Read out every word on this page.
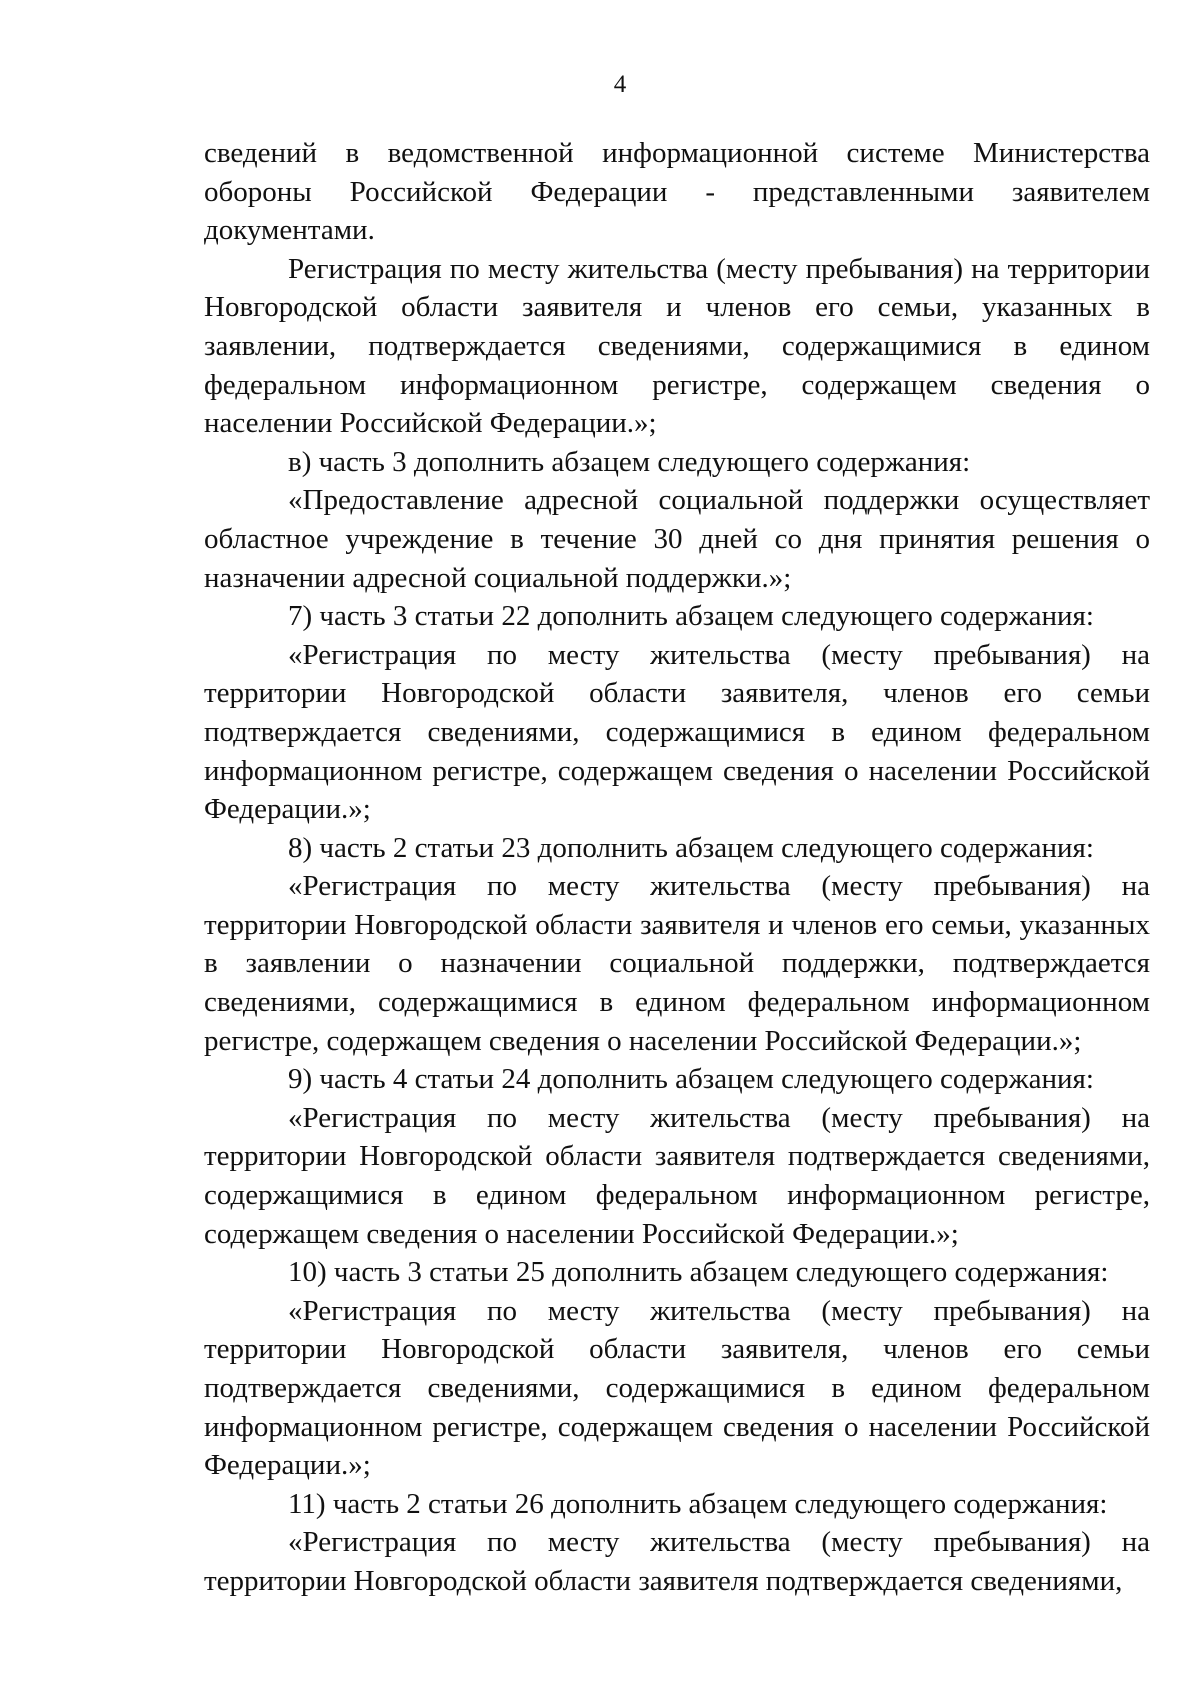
4

сведений в ведомственной информационной системе Министерства обороны Российской Федерации - представленными заявителем документами.

Регистрация по месту жительства (месту пребывания) на территории Новгородской области заявителя и членов его семьи, указанных в заявлении, подтверждается сведениями, содержащимися в едином федеральном информационном регистре, содержащем сведения о населении Российской Федерации.»;

в) часть 3 дополнить абзацем следующего содержания:

«Предоставление адресной социальной поддержки осуществляет областное учреждение в течение 30 дней со дня принятия решения о назначении адресной социальной поддержки.»;

7) часть 3 статьи 22 дополнить абзацем следующего содержания:

«Регистрация по месту жительства (месту пребывания) на территории Новгородской области заявителя, членов его семьи подтверждается сведениями, содержащимися в едином федеральном информационном регистре, содержащем сведения о населении Российской Федерации.»;

8) часть 2 статьи 23 дополнить абзацем следующего содержания:

«Регистрация по месту жительства (месту пребывания) на территории Новгородской области заявителя и членов его семьи, указанных в заявлении о назначении социальной поддержки, подтверждается сведениями, содержащимися в едином федеральном информационном регистре, содержащем сведения о населении Российской Федерации.»;

9) часть 4 статьи 24 дополнить абзацем следующего содержания:

«Регистрация по месту жительства (месту пребывания) на территории Новгородской области заявителя подтверждается сведениями, содержащимися в едином федеральном информационном регистре, содержащем сведения о населении Российской Федерации.»;

10) часть 3 статьи 25 дополнить абзацем следующего содержания:

«Регистрация по месту жительства (месту пребывания) на территории Новгородской области заявителя, членов его семьи подтверждается сведениями, содержащимися в едином федеральном информационном регистре, содержащем сведения о населении Российской Федерации.»;

11) часть 2 статьи 26 дополнить абзацем следующего содержания:

«Регистрация по месту жительства (месту пребывания) на территории Новгородской области заявителя подтверждается сведениями,
